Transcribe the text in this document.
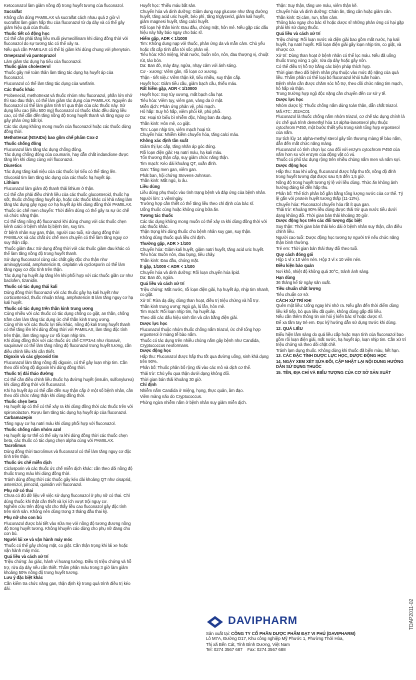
Ketoconazol làm giảm nồng độ trong huyết tương của fluconazol.

Sucralfat

Không cần dùng PAMIILAX và sucralfat cách nhau quá 2 giờ vì sucralfat làm giảm hấp thu của fluconazol từ dạ dày và có thể gây giảm hiệu quả của thuốc.

Thuốc tiết có động học

Có thể cần phải tăng liều muối pivmecillinam khi dùng đồng thời với fluconazol do sự tương tác có thể xảy ra.

Nếu quá cần PAMIILAX có thể bị giảm khi dùng chung với phenytoin.

Omeprazol và pantoprazol

Làm giảm tác dụng hạ tiểu của fluconazol.

Thuốc giảm cholesterol

Thuốc gây mê toàn thân làm tăng tác dụng hạ huyết áp của fluconazol.

Fluconazol có thể làm tăng tác dụng của warfarin.

Các thuốc khác

Probenecid, methotrexat và thuốc nhóm nhu fluconazol, phần lớn nhớ thì sao đau thận, có thể làm giảm tác dụng của PAMIILAX. Nguyên do fluconazol có thể làm giảm tính trí qua thận của các thuốc này. Sử dụng liều cao (liều 500 mg) fluconazol có thuốc khác đều dùng liều cao, có thể dẫn đến tăng nồng độ trong huyết thanh và tăng nguy cơ gây phản ứng bất lợi.

Các tác dụng không mong muốn của fluconazol hoặc các thuốc dùng đồng thời.

Methotrexat (NSAIDs) bao gồm chế phẩm Cox-2

Thuốc chống đông

Fluconazol làm tăng tác dụng chống đông.

Tác dụng chống đông của coumarin, hay dẫn chất indandione được tăng lên khi dùng cùng với fluconazol.

Diuretics

Tác dụng tăng kali niệu của các thuốc lợi tiểu có thể tăng lên.

Glucosid tim làm tăng tác dụng của các thuốc hạ huyết áp.

Lithium

Fluconazol làm giảm độ thanh thải lithium ở thận.

Có thể cần phải điều chỉnh liều của các thuốc glucosteroid, thuốc hạ sốt, thuốc chống tăng huyết áp, hoặc các thuốc khác có khả năng làm tăng tác dụng gây nguy cơ hạ huyết áp khi dùng đồng thời PAMIILAX.

Thuốc ức chế men chuyển: Thời điểm dùng có thể gây ra sự ức chế và chức năng thận.

Có thể tăng nồng độ fluconazol khi dùng chung với các thuốc chẹn kênh calci ở bệnh nhân bị bệnh tim, suy tim.

Ở bệnh nhân suy gan, thận, người cao tuổi, sử dụng đồng thời PAMIILAX và các chất ức chế men chuyển có thể làm tăng nguy cơ suy thận cấp.

Thuốc giảm đau: Sử dụng đồng thời với các thuốc giảm đau khác có thể làm tăng nồng độ trong huyết thanh.

Sử dụng fluconazol cùng các chất gây độc cho thận như aminoglycosid, amphotericin B, cisplatin và cyclosporin có thể làm tăng nguy cơ độc tính trên thận.

Tác dụng hạ huyết áp tăng lên khi phối hợp với các thuốc giãn cơ như baclofen, tizanidin.

Thuốc có tác dụng thải kali

Dùng đồng thời fluconazol với các thuốc gây hạ kali huyết như corticosteroid, thuốc nhuận tràng, amphotericin B làm tăng nguy cơ hạ kali huyết.

Thuốc có tác dụng trên thần kinh trung ương

Cùng nhiều với các thuốc có tác dụng chống co giật, an thần, chống trầm cảm làm tăng tác dụng ức chế thần kinh trung ương.

Cùng nhìn với các thuốc lợi tiểu khác, nồng độ kali trong huyết thanh có thể tăng lên khi dùng đồng thời với PAMIILAX, làm tăng độc tính trên thận, làm tăng nguy cơ rối loạn nhịp tim.

Khi dùng đồng thời với các thuốc ức chế CYP3A4 như ritonavir, saquinavir có thể làm tăng nồng độ fluconazol trong huyết tương, cần điều chỉnh liều khi cần thiết.

Digoxin và các glycosid tim

Fluconazol làm tăng nồng độ digoxin, có thể gây loạn nhịp tim. Cần theo dõi nồng độ digoxin khi dùng đồng thời.

Thuốc trị đái tháo đường

Có thể cần điều chỉnh liều thuốc hạ đường huyết (insulin, sulfonylurea) khi dùng đồng thời với fluconazol.

Khi hạ huyết áp có thể dẫn đến suy thận cấp ở một số bệnh nhân, cần theo dõi chức năng thận khi dùng đồng thời.

Thuốc chẹn beta

Hạ huyết áp có thể có thể xảy ra khi dùng đồng thời các thuốc trên với spironolacton. Rượu làm tăng tác dụng hạ huyết áp của fluconazol.

Carbamazepin

Tăng nguy cơ hạ natri máu khi dùng phối hợp với fluconazol.

Thuốc chống nấm nhóm azol

Hạ huyết áp tư thế có thể xảy ra khi dùng đồng thời các thuốc chẹn beta, các thuốc có tác dụng chẹn alpha cùng với PAMIILAX.

Tacrolimus

Dùng đồng thời tacrolimus và fluconazol có thể làm tăng nguy cơ độc tính trên thận.

Thuốc ức chế miễn dịch

Ciclosporin và các thuốc ức chế miễn dịch khác: cần theo dõi nồng độ thuốc trong máu khi dùng đồng thời.

Tránh dùng đồng thời các thuốc gây kéo dài khoảng QT như cisaprid, astemizol, pimozid, quinidin với fluconazol.

Phụ nữ có thai

Chưa có đủ dữ liệu về việc sử dụng fluconazol ở phụ nữ có thai. Chỉ dùng thuốc khi thật cần thiết và lợi ích vượt trội nguy cơ.

Nghiên cứu trên động vật cho thấy liều cao fluconazol gây độc tính trên sinh sản. Không nên dùng trong 3 tháng đầu thai kỳ.

Phụ nữ cho con bú

Fluconazol được bài tiết vào sữa mẹ với nồng độ tương đương nồng độ trong huyết tương. Không khuyến cáo dùng cho phụ nữ đang cho con bú.

Người lái xe và vận hành máy móc

Thuốc có thể gây chóng mặt, co giật. Cần thận trọng khi lái xe hoặc vận hành máy móc.

Quá liều và cách xử trí

Triệu chứng: ảo giác, hành vi hoang tưởng. Điều trị triệu chứng và hỗ trợ, rửa dạ dày nếu cần thiết. Thẩm phân máu trong 3 giờ làm giảm khoảng 50% nồng độ trong huyết tương.

Lưu ý đặc biệt khác

Cần kiểm tra chức năng gan, thận định kỳ trong quá trình điều trị kéo dài.

Huyết học: Thiếu máu bất sản.

Chuyển hóa và dinh dưỡng: Giảm dung nạp glucose như tăng đường huyết, tăng acid uric huyết, béo phì, tăng triglycerid, giảm kali huyết, giảm magnesi huyết, tăng calci huyết.

Rối loạn hệ thần kinh: Đau đầu, chóng mặt, hôn mê. Nếu gặp các dấu hiệu này hãy báo ngay cho bác sĩ.

Hiếm gặp, ADR < 1/1000

Tim: Không dung nạp với thuốc, phản ứng da và mẫn cảm. Chủ yếu hoặc rất cấp tính dẫn tới sốc phản vệ.

Tiêu hóa: Khô miệng, khát nước, buồn nôn, nôn, đau thượng vị, chuột rút, táo bón.

Da: Ban đỏ, mày đay, ngứa, nhạy cảm với ánh sáng.

Cơ - xương: Viêm gân, rối loạn cơ xương.

Thận - tiết niệu: Viêm thận kẽ, tiểu nhiều, suy thận cấp.

Huyết học: Giảm tiểu cầu, giảm bạch cầu, thiếu máu.

Rất hiếm gặp, ADR < 1/10000

Huyết học: Suy tủy xương, mất bạch cầu hạt.

Tiêu hóa: Viêm tụy, viêm gan, vàng da ứ mật.

Miễn dịch: Phản ứng phản vệ, phù mạch.

Hô hấp: Suy hô hấp, viêm phổi kẽ, phù phổi.

Da: Hoại tử biểu bì nhiễm độc, hồng ban đa dạng.

Thần kinh: Hôn mê, co giật.

Tim: Loạn nhịp tim, viêm mạch hoại tử.

Chuyển hóa: Nhiễm kiềm chuyển hóa, tăng calci máu.

Không xác định tần suất

Giảm thị lực cấp, tăng nhãn áp góc đóng.

Rối loạn điện giải: Hạ natri máu, hạ kali máu.

Tổn thương thận cấp, suy giảm chức năng thận.

Tim mạch: Kéo dài khoảng QT, xoắn đỉnh.

Gan: Tăng men gan, viêm gan.

Phát ban, hội chứng Stevens-Johnson.

Thần kinh: Mất ngủ, lo âu.

Liều dùng

Liều dùng phụ thuộc vào tình trạng bệnh và đáp ứng của bệnh nhân.

Người lớn: 1 viên/ngày.

Trường hợp cần thiết có thể tăng liều theo chỉ định của bác sĩ.

Uống thuốc cùng hoặc không cùng bữa ăn.

Tương tác thuốc

Các tác dụng không mong muốn có thể xảy ra khi dùng đồng thời với các thuốc khác.

Thận trọng khi dùng thuốc cho bệnh nhân suy gan, suy thận.

Không dùng thuốc quá liều chỉ định.

Thường gặp, ADR > 1/100

Chuyển hóa: Giảm kali huyết, giảm natri huyết, tăng acid uric huyết.

Tiêu hóa: Buồn nôn, đau bụng, tiêu chảy.

Thần kinh: Đau đầu, chóng mặt.

Ít gặp, 1/1000 < ADR < 1/100

Chuyển hóa và dinh dưỡng: Rối loạn chuyển hóa lipid.

Da: Ban đỏ, ngứa.

Quá liều và cách xử trí

Triệu chứng: Mất nước, rối loạn điện giải, hạ huyết áp, nhịp tim nhanh, co giật.

Xử trí: Rửa dạ dày, dùng than hoạt, điều trị triệu chứng và hỗ trợ.

Thần kinh trung ương: Ngủ gà, lú lẫn, hôn mê.

Tim mạch: Rối loạn nhịp tim, hạ huyết áp.

Theo dõi các dấu hiệu sinh tồn và cân bằng điện giải.

Dược lực học

Fluconazol thuộc nhóm thuốc chống nấm triazol, ức chế tổng hợp ergosterol ở màng tế bào nấm.

Thuốc có tác dụng trên nhiều chủng nấm gây bệnh như Candida, Cryptococcus neoformans.

Dược động học

Hấp thu: Fluconazol được hấp thu tốt qua đường uống, sinh khả dụng trên 90%.

Phân bố: Thuốc phân bố rộng rãi vào các mô và dịch cơ thể.

Thải trừ: Chủ yếu qua thận dưới dạng không đổi.

Thời gian bán thải khoảng 30 giờ.

Chỉ định

Nhiễm nấm Candida ở miệng, họng, thực quản, âm đạo.

Viêm màng não do Cryptococcus.

Phòng ngừa nhiễm nấm ở bệnh nhân suy giảm miễn dịch.

Thận: Suy thận, tăng ure máu, viêm thận kẽ.

Chuyển hóa và dinh dưỡng: Chán ăn, tăng cân hoặc giảm cân.

Thần kinh: Dị cảm, run, trầm cảm.

Thông báo ngay cho bác sĩ hoặc dược sĩ những phản ứng có hại gặp phải khi sử dụng thuốc.

Quá liều và cách xử trí

Triệu chứng: Rối loạn nước và điện giải bao gồm mất nước, hạ kali huyết, hạ natri huyết. Rối loạn điện giải gây loạn nhịp tim, co giật, và nhược cơ.

Xử trí: Dùng than hoạt ở bệnh nhân có thể lọc máu. Nếu đã uống thuốc trong vòng 1 giờ, rửa dạ dày hoặc gây nôn.

Có thể điều trị hỗ trợ bằng các biện pháp thích hợp.

Thời gian theo dõi bệnh nhân phụ thuộc vào mức độ nặng của quá liều. Thẩm phân có thể loại bỏ fluconazol khỏi tuần hoàn.

Bệnh nhân cần được chăm sóc hỗ trợ, theo dõi chức năng tim mạch, hô hấp và thận.

Trong trường hợp ngộ độc nặng cần chuyển đến cơ sở y tế.

Dược lực học

Nhóm dược lý: Thuốc chống nấm dùng toàn thân, dẫn chất triazol.

Mã ATC: J02AC01

Fluconazol là thuốc chống nấm nhóm triazol, cơ chế tác dụng chính là ức chế quá trình demethyl hóa 14 alpha-lanosterol phụ thuộc cytochrom P450, một bước thiết yếu trong sinh tổng hợp ergosterol của nấm.

Sự tích lũy 14 alpha-methyl sterol gây tổn thương màng tế bào nấm, dẫn đến mất chức năng màng.

Fluconazol có tính chọn lọc cao đối với enzym cytochrom P450 của nấm hơn so với enzym của động vật có vú.

Thuốc có phổ tác dụng rộng trên nhiều chủng nấm men và nấm sợi.

Dược động học

Hấp thu: Sau khi uống, fluconazol được hấp thu tốt, nồng độ đỉnh trong huyết tương đạt được sau 0,5 đến 1,5 giờ.

Nồng độ trong huyết tương tỷ lệ với liều dùng. Thức ăn không ảnh hưởng đáng kể đến hấp thu.

Phân bố: Thể tích phân bố gần bằng tổng lượng nước của cơ thể. Tỷ lệ gắn với protein huyết tương thấp (11-12%).

Chuyển hóa: Fluconazol chuyển hóa rất ít qua gan.

Thải trừ: Khoảng 80% liều dùng được thải trừ qua nước tiểu dưới dạng không đổi. Thời gian bán thải khoảng 30 giờ.

Dược động học trên các đối tượng đặc biệt

Suy thận: Thời gian bán thải kéo dài ở bệnh nhân suy thận, cần điều chỉnh liều.

Người cao tuổi: Dược động học tương tự người trẻ nếu chức năng thận bình thường.

Trẻ em: Thời gian bán thải thay đổi theo tuổi.

Quy cách đóng gói

Hộp 1 vỉ x 10 viên nén. Hộp 3 vỉ x 10 viên nén.

Điều kiện bảo quản

Nơi khô, nhiệt độ không quá 30°C, tránh ánh sáng.

Hạn dùng

36 tháng kể từ ngày sản xuất.

Tiêu chuẩn chất lượng

Tiêu chuẩn cơ sở.

CÁCH XỬ TRÍ KHI

Quên một liều: Uống ngay khi nhớ ra. Nếu gần đến thời điểm dùng liều kế tiếp, bỏ qua liều đã quên, không dùng gấp đôi liều.

Nếu cần thêm thông tin xin hỏi ý kiến bác sĩ hoặc dược sĩ.

Để xa tầm tay trẻ em. Đọc kỹ hướng dẫn sử dụng trước khi dùng.

12. QUÁ LIỀU

Biểu hiện lâm sàng do quá liều cấp hoặc mạn tính của fluconazol bao gồm rối loạn điện giải, mất nước, hạ huyết áp, loạn nhịp tim. Cần xử trí triệu chứng và theo dõi chặt chẽ.

Tránh lạm dụng thuốc. Không dùng khi thuốc đã biến màu, hết hạn.

13. CÁC ĐẶC TÍNH DƯỢC LỰC HỌC, DƯỢC ĐỘNG HỌC

14. NGÀY XEM XÉT SỬA ĐỔI, CẬP NHẬT LẠI NỘI DUNG HƯỚNG DẪN SỬ DỤNG THUỐC

15. TÊN, ĐỊA CHỈ VÀ BIỂU TƯỢNG CỦA CƠ SỞ SẢN XUẤT

DAVIPHARM
Sản xuất tại: CÔNG TY CỔ PHẦN DƯỢC PHẨM ĐẠT VI PHÚ (DAVIPHARM)
Lô M7A, Đường D17, Khu công nghiệp Mỹ Phước 1, Phường Thới Hòa,
Thị xã Bến Cát, Tỉnh Bình Dương, Việt Nam
Tel: 0274 3567 687 Fax: 0274 3567 688
TDAP2011-02
